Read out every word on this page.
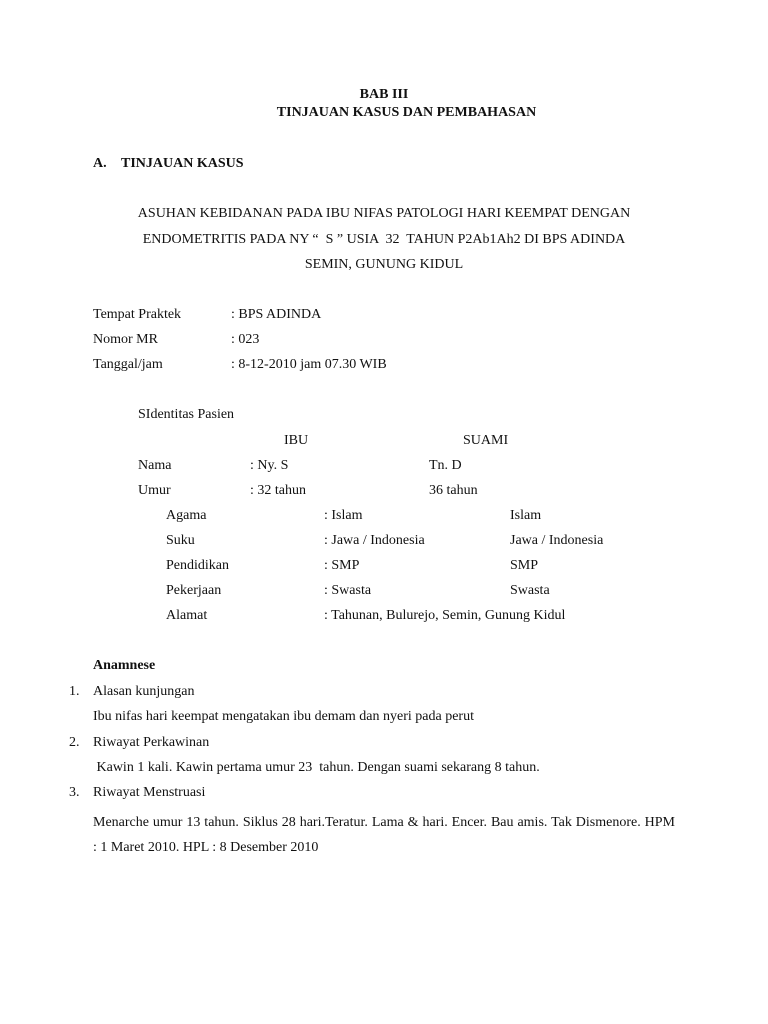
BAB III
TINJAUAN KASUS DAN PEMBAHASAN
A. TINJAUAN KASUS
ASUHAN KEBIDANAN PADA IBU NIFAS PATOLOGI HARI KEEMPAT DENGAN
ENDOMETRITIS PADA NY “  S ” USIA  32  TAHUN P2Ab1Ah2 DI BPS ADINDA
SEMIN, GUNUNG KIDUL
Tempat Praktek	: BPS ADINDA
Nomor MR	: 023
Tanggal/jam	: 8-12-2010 jam 07.30 WIB
SIdentitas Pasien
IBU	SUAMI
Nama	: Ny. S	Tn. D
Umur	: 32 tahun	36 tahun
Agama	: Islam	Islam
Suku	: Jawa / Indonesia	Jawa / Indonesia
Pendidikan	: SMP	SMP
Pekerjaan	: Swasta	Swasta
Alamat	: Tahunan, Bulurejo, Semin, Gunung Kidul
Anamnese
1. Alasan kunjungan
Ibu nifas hari keempat mengatakan ibu demam dan nyeri pada perut
2. Riwayat Perkawinan
Kawin 1 kali. Kawin pertama umur 23  tahun. Dengan suami sekarang 8 tahun.
3. Riwayat Menstruasi
Menarche umur 13 tahun. Siklus 28 hari.Teratur. Lama & hari. Encer. Bau amis. Tak Dismenore. HPM : 1 Maret 2010. HPL : 8 Desember 2010
